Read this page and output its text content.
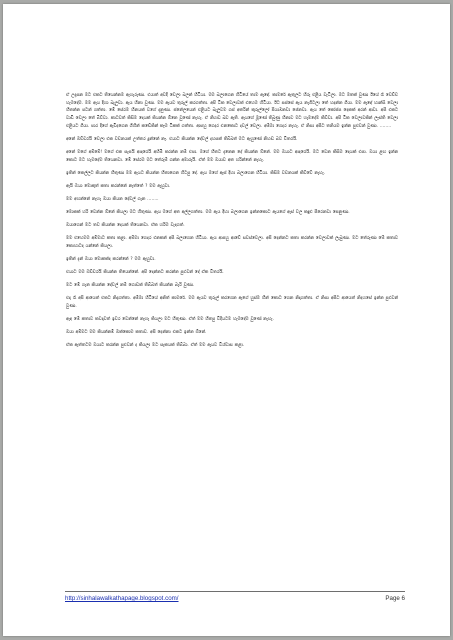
ඒ උදෑසන මට එකට තියෙන්නම ඇහැරුණා. එයාත් අවදි වෙලා බලන් හිටියා. මම බලාගෙන හිටියේ තාම ඇඳේ. කාමරේ ඇතුලට හිරු එළිය වැටිලා. මට මතක් වුණා ඊයේ රෑ වෙච්ච හැමදේම. මම ඇය දිහා බැලුවා. ඇය හිනා වුණා. මම ඇයව තුරුල් කරගත්තා. අපි ටික වෙලාවක් එහෙම හිටියා. ඊට පස්සේ ඇය නැගිටලා තේ හදන්න ගියා. මම ඇඳේ හාන්සි වෙලා හිතන්න පටන් ගත්තා. මේ සේරම හීනයක් වගේ දැනුණා. ජනේලයෙන් එළියට බැලුවම ගස් අතරින් කුරුල්ලෝ පියාඹනවා පේනවා. ඇය තේ කෝප්ප දෙකක් අරන් ආවා. අපි එකට වාඩි වෙලා තේ බිව්වා. කාටවත් කිසිම දෙයක් කියන්න ඕනෙ වුණේ නැහැ. ඒ නිහඬ බව ඇති. ඇයගේ මූණේ තිබුණු හිනාව මට හැමදේම කිව්වා. අපි ටික වෙලාවකින් ලෑස්ති වෙලා එළියට ගියා. පාර දිගේ ඇවිදගෙන ගිහින් කඩේකින් කෑම ටිකක් ගත්තා. ආපහු ගෙදර එනකොට දවල් වෙලා. අම්මා ගෙදර නැහැ. ඒ නිසා අපිට තනියම ඉන්න පුළුවන් වුණා. ……..

අනේ ඔච්චරයි වෙලා එක වචනයක් උත්තර දුන්නේ නෑ. එයාට කියන්න දේවල් දහසක් තිබ්බත් මට ඇහුණේ නිහඬ බව විතරයි.

අනේ මගේ අම්මේ! මගේ එක සැපයි ආදරෙයි අහිමි කරන්න නම් එපා. මගේ හිතට දැනෙන දේ කියන්න ඕනේ. මම ඔයාට ආදරෙයි. මට වෙන කිසිම දෙයක් එපා. ඔයා ළඟ ඉන්න කොට මට හැමදේම තියෙනවා. මේ සේරම මට තේරුම් ගන්න අමාරුයි. ඒත් මම ඔයාව අත හරින්නේ නැහැ.

ඉතින් කෙල්ලට කියන්න හිතුණා මම ඇයට කියන්න හිතාගෙන හිටපු දේ. ඇය මගේ ඇස් දිහා බලාගෙන හිටියා. කිසිම වචනයක් කිව්වේ නැහැ.

ඇයි ඔයා මොකුත් කතා කරන්නේ නැත්තේ ? මම ඇහුවා.

මම අහන්නේ නැහැ ඔයා කියන දේවල් ගැන ……..

මොකක් හරි වෙන්න ඕනේ කියලා මට හිතුණා. ඇය මගේ අත අල්ලගත්තා. මම ඇය දිහා බලාගෙන ඉන්නකොට ඇයගේ ඇස් වල කඳුළු පිරෙනවා පෙනුණා.

ඔයාගෙන් මට තව කියන්න දෙයක් තියෙනවා. ඒක හරිම වැදගත්.

මම එහෙමම අම්මාට කතා කළා. අම්මා ගෙදර එනකන් අපි බලාගෙන හිටියා. ඇය ආපහු ආවේ සවස්වෙලා. අපි දෙන්නට කතා කරන්න වෙලාවක් ලැබුණා. මට තේරුණා මේ කතාව කොහාටද යන්නේ කියලා.

ඉතින් දැන් ඔයා මොකක්ද කරන්නේ ? මම ඇහුවා.

එයාට මම ඔච්චරයි කියන්න තියෙන්නේ. අපි දෙන්නට කරන්න පුළුවන් දේ ඒක විතරයි.

මට මේ ගැන කියන්න දේවල් නම් ගොඩක් තිබ්බත් කියන්න බැරි වුණා.

එදා රෑ අපි ආයෙත් එකට නිදාගත්තා. අම්මා හිටියේ අනිත් කාමරේ. මම ඇයව තුරුල් කරගෙන ඇගේ හුස්ම හීන් කොට ගෙන නිදාගත්තා. ඒ නිසා අපිට ආයෙත් නිදහසේ ඉන්න පුළුවන් වුණා.

ඇඳ මේ කතාව කවදාවත් ඉවර වෙන්නේ නැහැ කියලා මට හිතුණා. ඒත් මම හිතපු විදියටම හැමදේම වුණේ නැහැ.

ඔයා අම්මට මම කියන්නම් ඔක්කොම කතාව. අපි දෙන්නා එකට ඉන්න ඕනේ.

ඒක ඇත්තටම ඔයාට කරන්න පුළුවන් ද කියලා මට සැකයක් තිබ්බා. ඒත් මම ඇයව විශ්වාස කළා.

http://sinhalawalkathapage.blogspot.com/	Page 6
